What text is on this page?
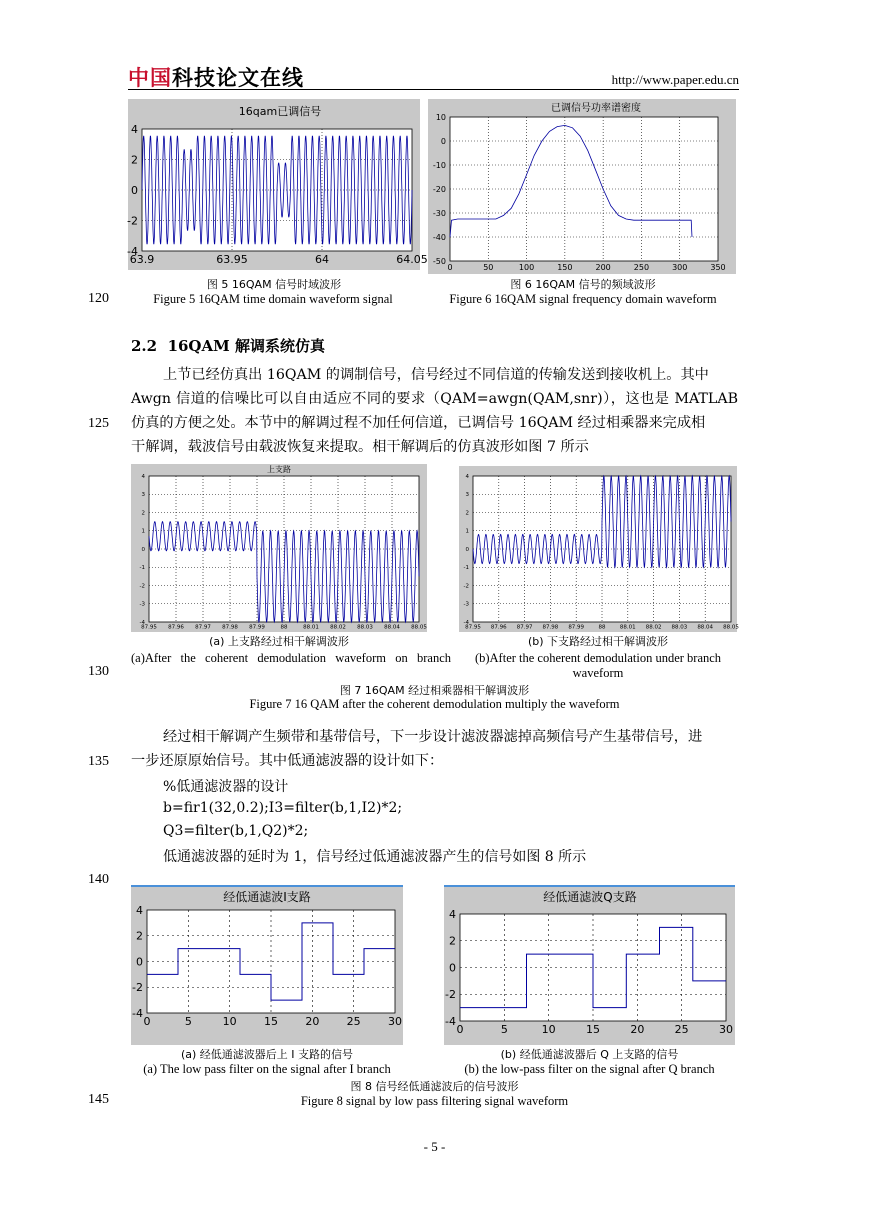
中国科技论文在线	http://www.paper.edu.cn
120
125
130
135
140
145
16qam已调信号
4
2
0
-2
-4
63.9	63.95	64	64.05
图 5 16QAM 信号时域波形
Figure 5 16QAM time domain waveform signal
已调信号功率谱密度
10
0
-10
-20
-30
-40
-50
0	50	100	150	200	250	300	350
图 6 16QAM 信号的频域波形
Figure 6 16QAM signal frequency domain waveform
2.2 16QAM 解调系统仿真
上节已经仿真出 16QAM 的调制信号，信号经过不同信道的传输发送到接收机上。其中
Awgn 信道的信噪比可以自由适应不同的要求（QAM=awgn(QAM,snr)），这也是 MATLAB
仿真的方便之处。本节中的解调过程不加任何信道，已调信号 16QAM 经过相乘器来完成相
干解调，载波信号由载波恢复来提取。相干解调后的仿真波形如图 7 所示
上支路
4
3
2
1
0
-1
-2
-3
-4
87.95 87.96 87.97 87.98 87.99	88	88.01 88.02 88.03 88.04 88.05
(a) 上支路经过相干解调波形
(a)After the coherent demodulation waveform on branch
4
3
2
1
0
-1
-2
-3
-4
87.95 87.96 87.97 87.98 87.99	88	88.01 88.02 88.03 88.04 88.05
(b) 下支路经过相干解调波形
(b)After the coherent demodulation under branch waveform
图 7 16QAM 经过相乘器相干解调波形
Figure 7 16 QAM after the coherent demodulation multiply the waveform
经过相干解调产生频带和基带信号，下一步设计滤波器滤掉高频信号产生基带信号，进
一步还原原始信号。其中低通滤波器的设计如下：
%低通滤波器的设计
b=fir1(32,0.2);I3=filter(b,1,I2)*2;
Q3=filter(b,1,Q2)*2;
低通滤波器的延时为 1，信号经过低通滤波器产生的信号如图 8 所示
经低通滤波I支路
4
2
0
-2
-4
0	5	10 15 20 25 30
(a) 经低通滤波器后上 I 支路的信号
(a) The low pass filter on the signal after I branch
经低通滤波Q支路
4
2
0
-2
-4
0	5	10	15	20	25	30
(b) 经低通滤波器后 Q 上支路的信号
(b) the low-pass filter on the signal after Q branch
图 8 信号经低通滤波后的信号波形
Figure 8 signal by low pass filtering signal waveform
- 5 -
